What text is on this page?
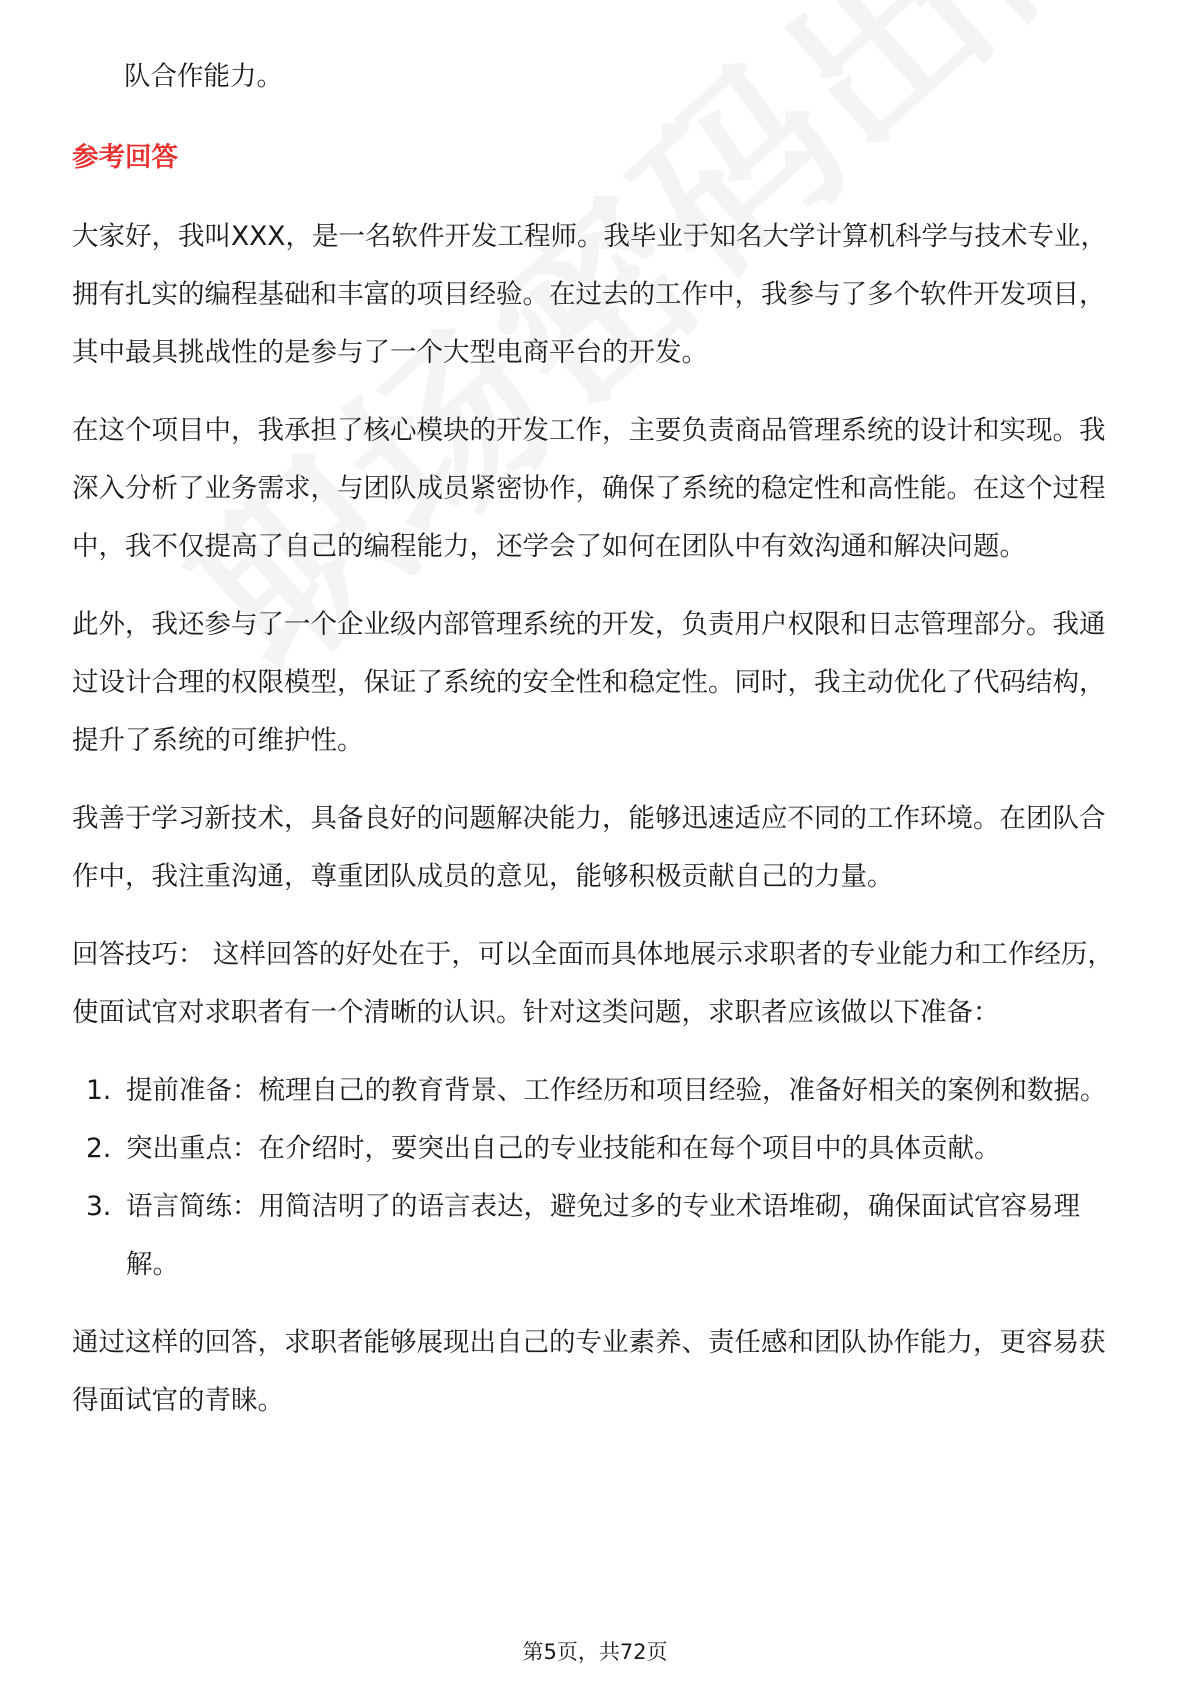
队合作能力。

参考回答

大家好，我叫XXX，是一名软件开发工程师。我毕业于知名大学计算机科学与技术专业，拥有扎实的编程基础和丰富的项目经验。在过去的工作中，我参与了多个软件开发项目，其中最具挑战性的是参与了一个大型电商平台的开发。

在这个项目中，我承担了核心模块的开发工作，主要负责商品管理系统的设计和实现。我深入分析了业务需求，与团队成员紧密协作，确保了系统的稳定性和高性能。在这个过程中，我不仅提高了自己的编程能力，还学会了如何在团队中有效沟通和解决问题。

此外，我还参与了一个企业级内部管理系统的开发，负责用户权限和日志管理部分。我通过设计合理的权限模型，保证了系统的安全性和稳定性。同时，我主动优化了代码结构，提升了系统的可维护性。

我善于学习新技术，具备良好的问题解决能力，能够迅速适应不同的工作环境。在团队合作中，我注重沟通，尊重团队成员的意见，能够积极贡献自己的力量。

回答技巧： 这样回答的好处在于，可以全面而具体地展示求职者的专业能力和工作经历，使面试官对求职者有一个清晰的认识。针对这类问题，求职者应该做以下准备：

1. 提前准备：梳理自己的教育背景、工作经历和项目经验，准备好相关的案例和数据。
2. 突出重点：在介绍时，要突出自己的专业技能和在每个项目中的具体贡献。
3. 语言简练：用简洁明了的语言表达，避免过多的专业术语堆砌，确保面试官容易理解。

通过这样的回答，求职者能够展现出自己的专业素养、责任感和团队协作能力，更容易获得面试官的青睐。

第5页，共72页
